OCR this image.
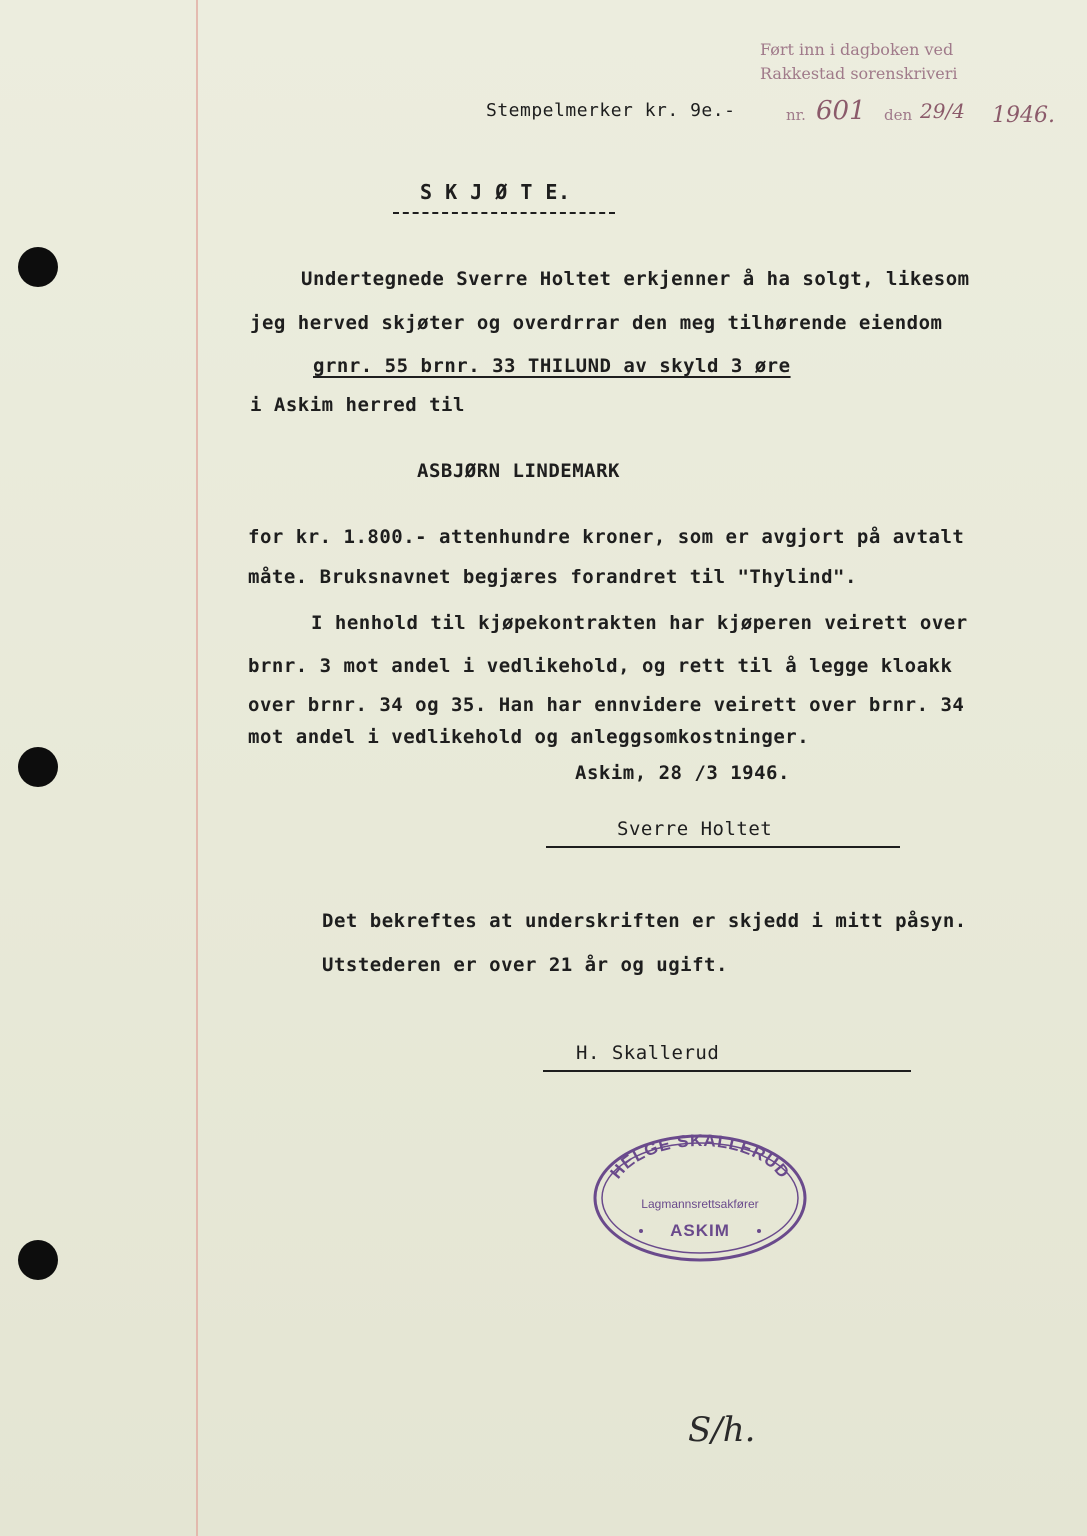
Ført inn i dagboken ved
Rakkestad sorenskriveri
Stempelmerker kr. 9e.-	nr. 601 den 29/4 1946.
S K J Ø T E.
Undertegnede Sverre Holtet erkjenner å ha solgt, likesom
jeg herved skjøter og overdrrar den meg tilhørende eiendom
grnr. 55 brnr. 33 THILUND av skyld 3 øre
i Askim herred til
ASBJØRN LINDEMARK
for kr. 1.800.- attenhundre kroner, som er avgjort på avtalt
måte. Bruksnavnet begjæres forandret til "Thylind".
I henhold til kjøpekontrakten har kjøperen veirett over
brnr. 3 mot andel i vedlikehold, og rett til å legge kloakk
over brnr. 34 og 35. Han har ennvidere veirett over brnr. 34
mot andel i vedlikehold og anleggsomkostninger.
Askim, 28 /3 1946.
Sverre Holtet
Det bekreftes at underskriften er skjedd i mitt påsyn.
Utstederen er over 21 år og ugift.
H. Skallerud
HELGE SKALLERUD
Lagmannsrettsakfører
ASKIM
S/h.
